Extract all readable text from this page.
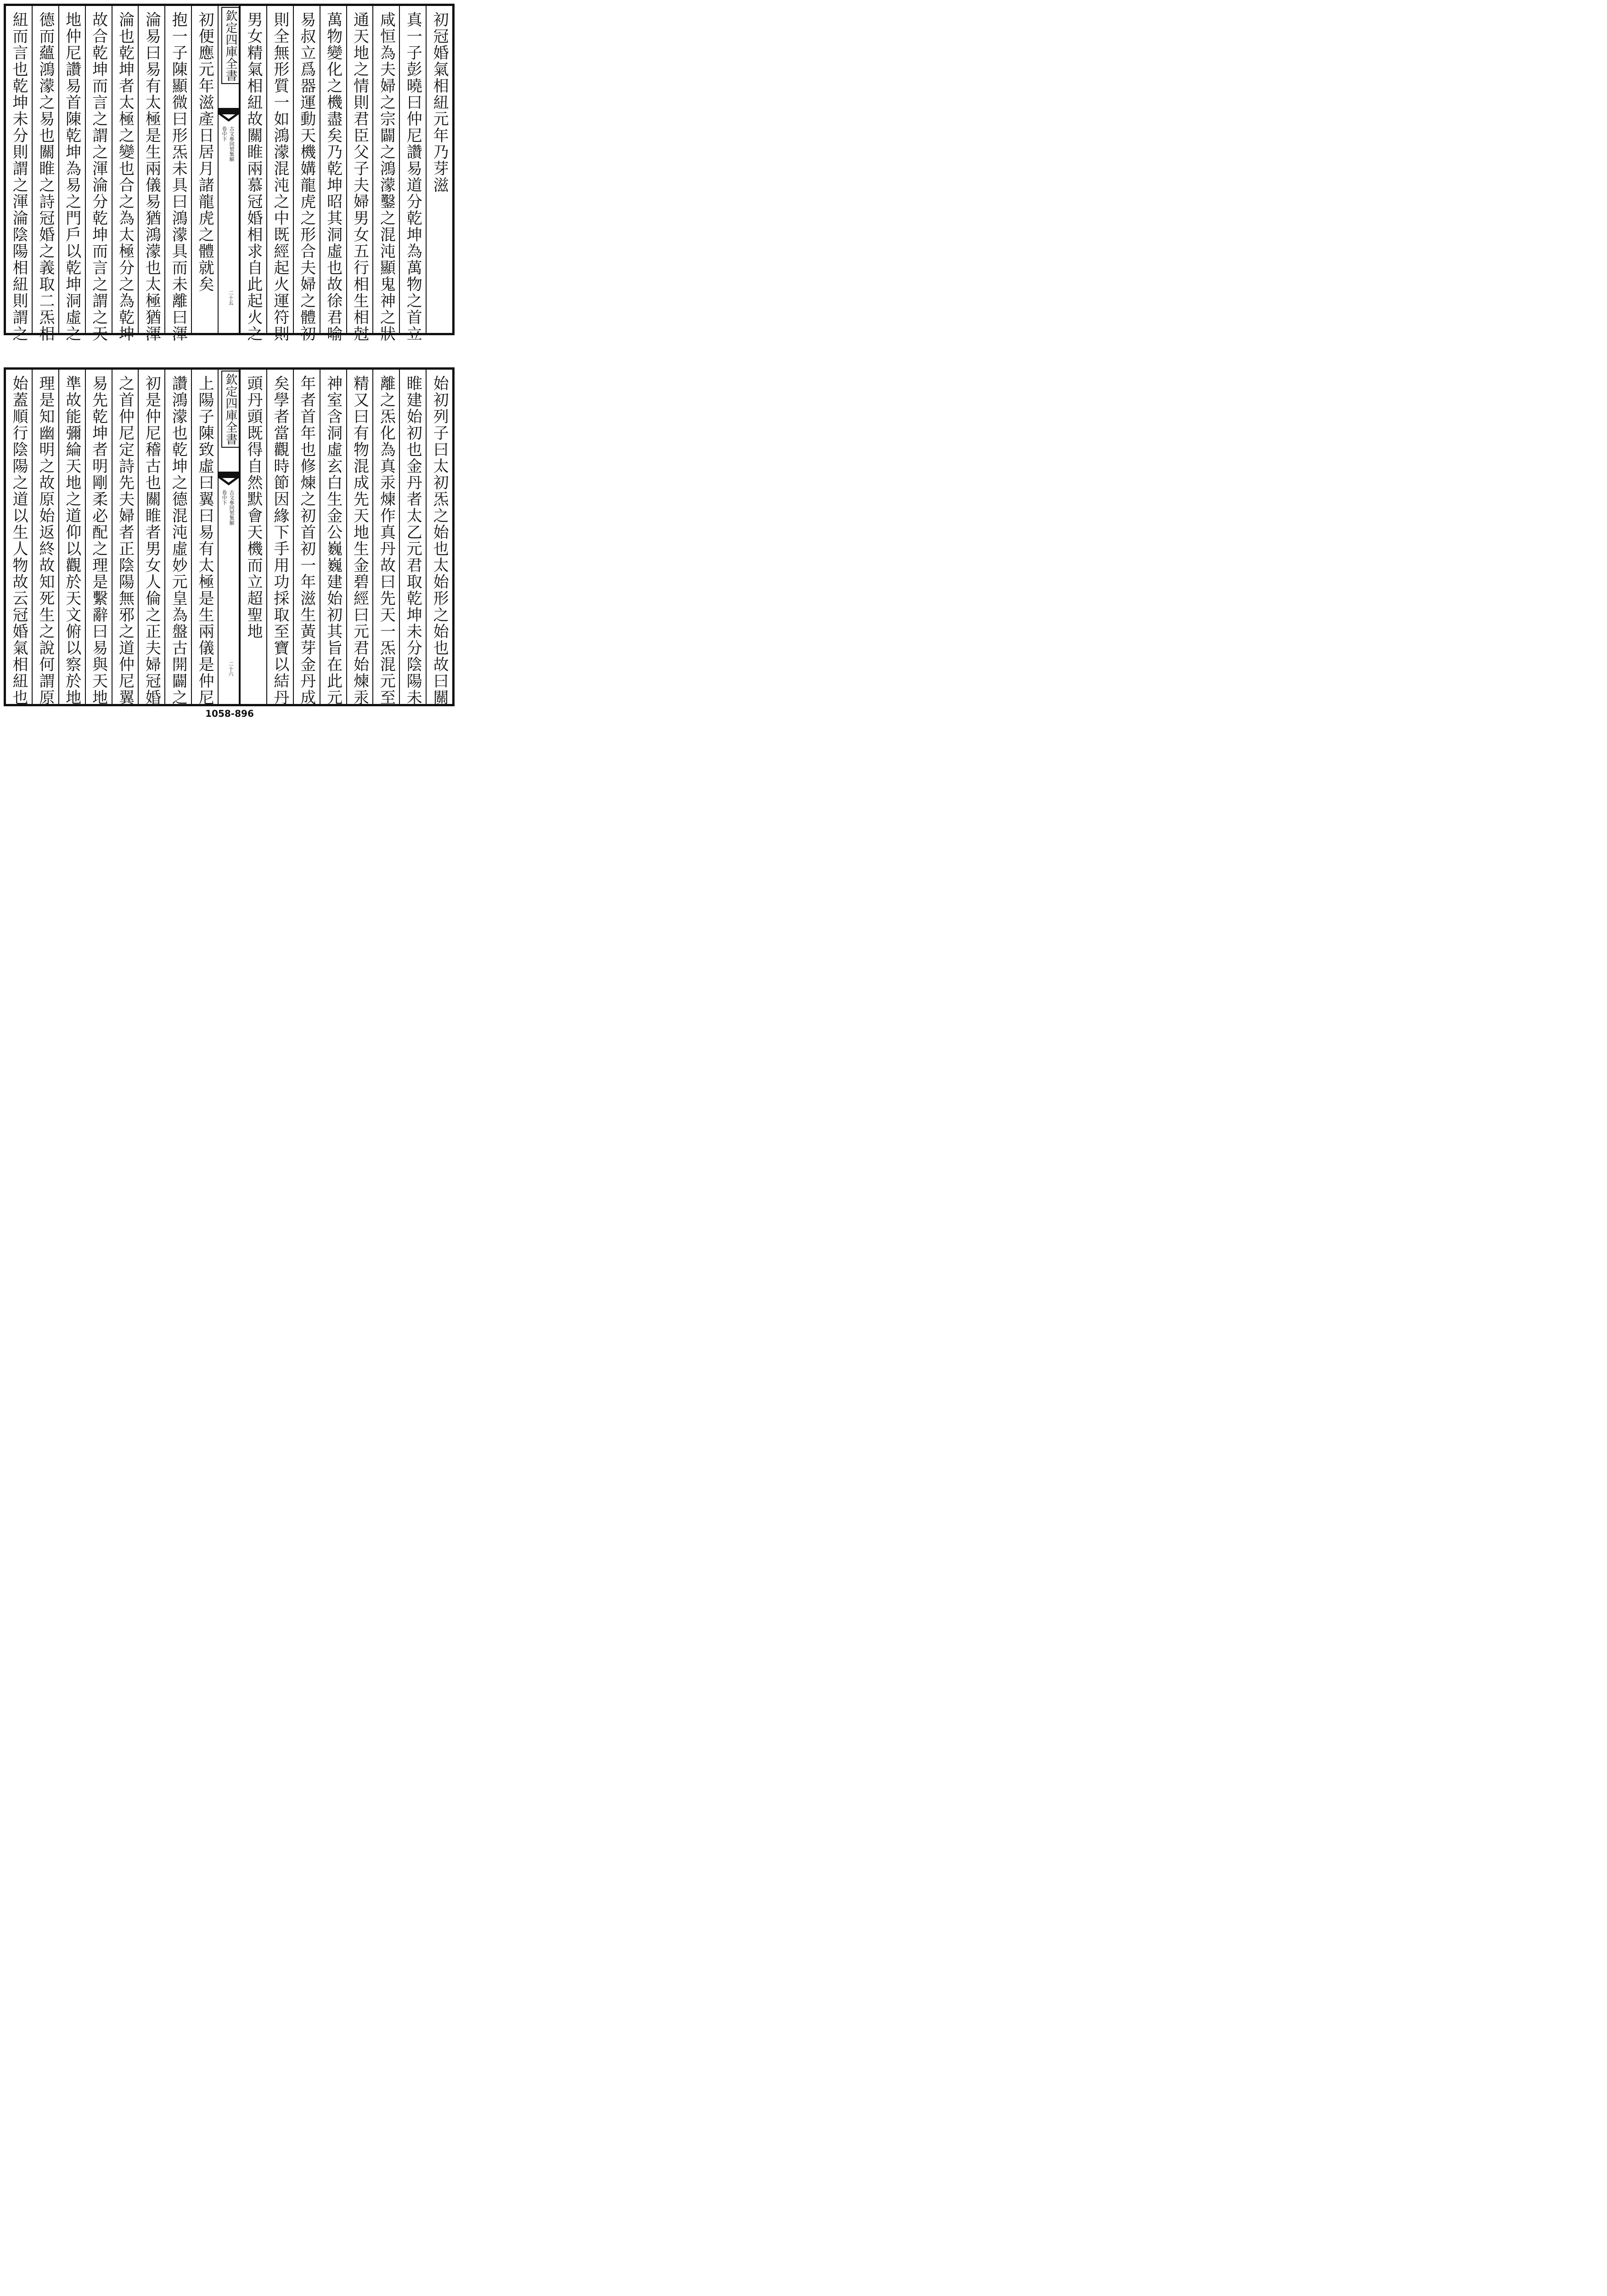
初冠婚氣相紐元年乃芽滋
真一子彭曉曰仲尼讚易道分乾坤為萬物之首立
咸恒為夫婦之宗闢之鴻濛鑿之混沌顯鬼神之狀
通天地之情則君臣父子夫婦男女五行相生相尅
萬物變化之機盡矣乃乾坤昭其洞虛也故徐君喻
易叔立爲器運動天機媾龍虎之形合夫婦之體初
則全無形質一如鴻濛混沌之中既經起火運符則
男女精氣相紐故關睢兩慕冠婚相求自此起火之
欽定四庫全書
卷中下 古文參同契集解
二十五
初便應元年滋產日居月諸龍虎之體就矣
抱一子陳顯微曰形炁未具曰鴻濛具而未離曰渾
淪易曰易有太極是生兩儀易猶鴻濛也太極猶渾
淪也乾坤者太極之變也合之為太極分之為乾坤
故合乾坤而言之謂之渾淪分乾坤而言之謂之天
地仲尼讚易首陳乾坤為易之門戶以乾坤洞虛之
德而蘊鴻濛之易也關睢之詩冠婚之義取二炁相
紐而言也乾坤未分則謂之渾淪陰陽相紐則謂之
始初列子曰太初炁之始也太始形之始也故曰關
睢建始初也金丹者太乙元君取乾坤未分陰陽未
離之炁化為真汞煉作真丹故曰先天一炁混元至
精又曰有物混成先天地生金碧經曰元君始煉汞
神室含洞虛玄白生金公巍巍建始初其旨在此元
年者首年也修煉之初首初一年滋生黃芽金丹成
矣學者當觀時節因緣下手用功採取至寶以結丹
頭丹頭既得自然默會天機而立超聖地
欽定四庫全書
卷中下 古文參同契集解
二十六
上陽子陳致虛曰翼曰易有太極是生兩儀是仲尼
讚鴻濛也乾坤之德混沌虛妙元皇為盤古開闢之
初是仲尼稽古也關睢者男女人倫之正夫婦冠婚
之首仲尼定詩先夫婦者正陰陽無邪之道仲尼翼
易先乾坤者明剛柔必配之理是繫辭曰易與天地
準故能彌綸天地之道仰以觀於天文俯以察於地
理是知幽明之故原始返終故知死生之說何謂原
始蓋順行陰陽之道以生人物故云冠婚氣相紐也
1058-896
